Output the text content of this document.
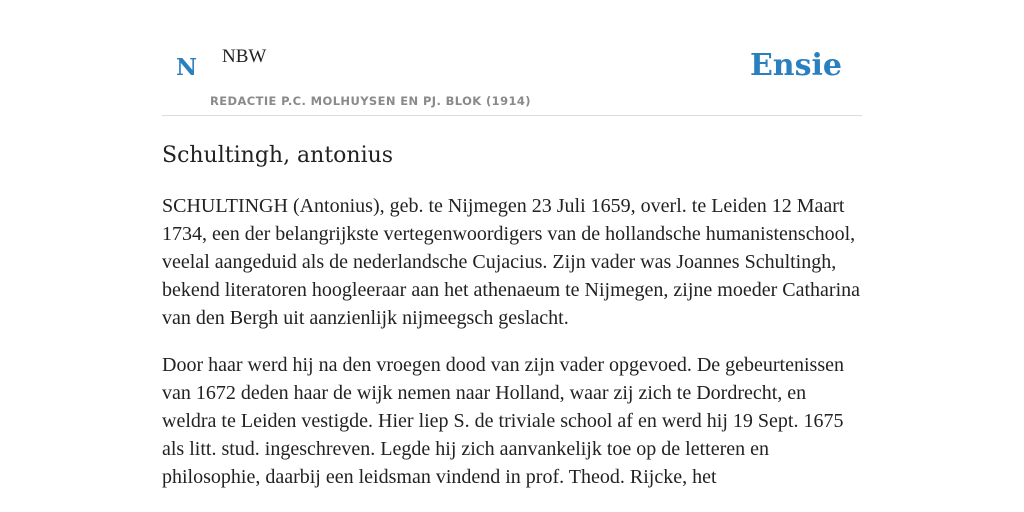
N NBW
REDACTIE P.C. MOLHUYSEN EN PJ. BLOK (1914)
Ensie
Schultingh, antonius

SCHULTINGH (Antonius), geb. te Nijmegen 23 Juli 1659, overl. te Leiden 12 Maart 1734, een der belangrijkste vertegenwoordigers van de hollandsche humanistenschool, veelal aangeduid als de nederlandsche Cujacius. Zijn vader was Joannes Schultingh, bekend literatoren hoogleeraar aan het athenaeum te Nijmegen, zijne moeder Catharina van den Bergh uit aanzienlijk nijmeegsch geslacht.

Door haar werd hij na den vroegen dood van zijn vader opgevoed. De gebeurtenissen van 1672 deden haar de wijk nemen naar Holland, waar zij zich te Dordrecht, en weldra te Leiden vestigde. Hier liep S. de triviale school af en werd hij 19 Sept. 1675 als litt. stud. ingeschreven. Legde hij zich aanvankelijk toe op de letteren en philosophie, daarbij een leidsman vindend in prof. Theod. Rijcke, het
